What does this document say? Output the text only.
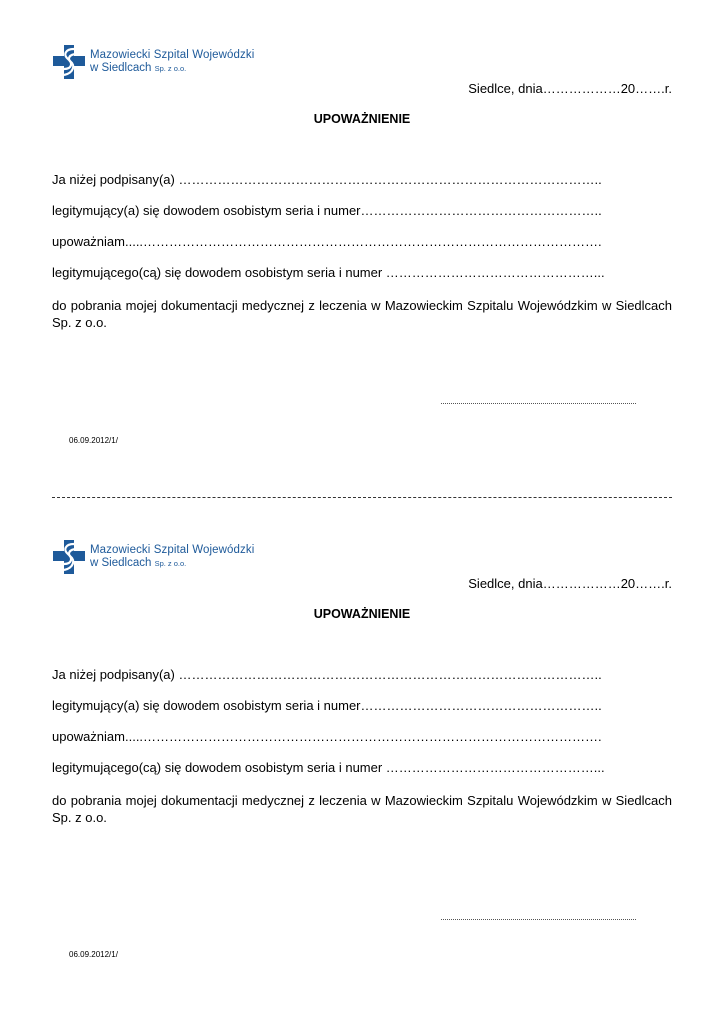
Mazowiecki Szpital Wojewódzki
w Siedlcach Sp. z o.o.
Siedlce, dnia………………20…….r.
UPOWAŻNIENIE
Ja niżej podpisany(a) ……………………………………………………………………………………..
legitymujący(a) się dowodem osobistym seria i numer………………………………………………..
upoważniam.....…………………………………………………………………………………………….
legitymującego(cą) się dowodem osobistym seria i numer …………………………………………...
do pobrania mojej dokumentacji medycznej z leczenia w Mazowieckim Szpitalu Wojewódzkim w Siedlcach Sp. z o.o.
06.09.2012/1/
Mazowiecki Szpital Wojewódzki
w Siedlcach Sp. z o.o.
Siedlce, dnia………………20…….r.
UPOWAŻNIENIE
Ja niżej podpisany(a) ……………………………………………………………………………………..
legitymujący(a) się dowodem osobistym seria i numer………………………………………………..
upoważniam.....…………………………………………………………………………………………….
legitymującego(cą) się dowodem osobistym seria i numer …………………………………………...
do pobrania mojej dokumentacji medycznej z leczenia w Mazowieckim Szpitalu Wojewódzkim w Siedlcach Sp. z o.o.
06.09.2012/1/
